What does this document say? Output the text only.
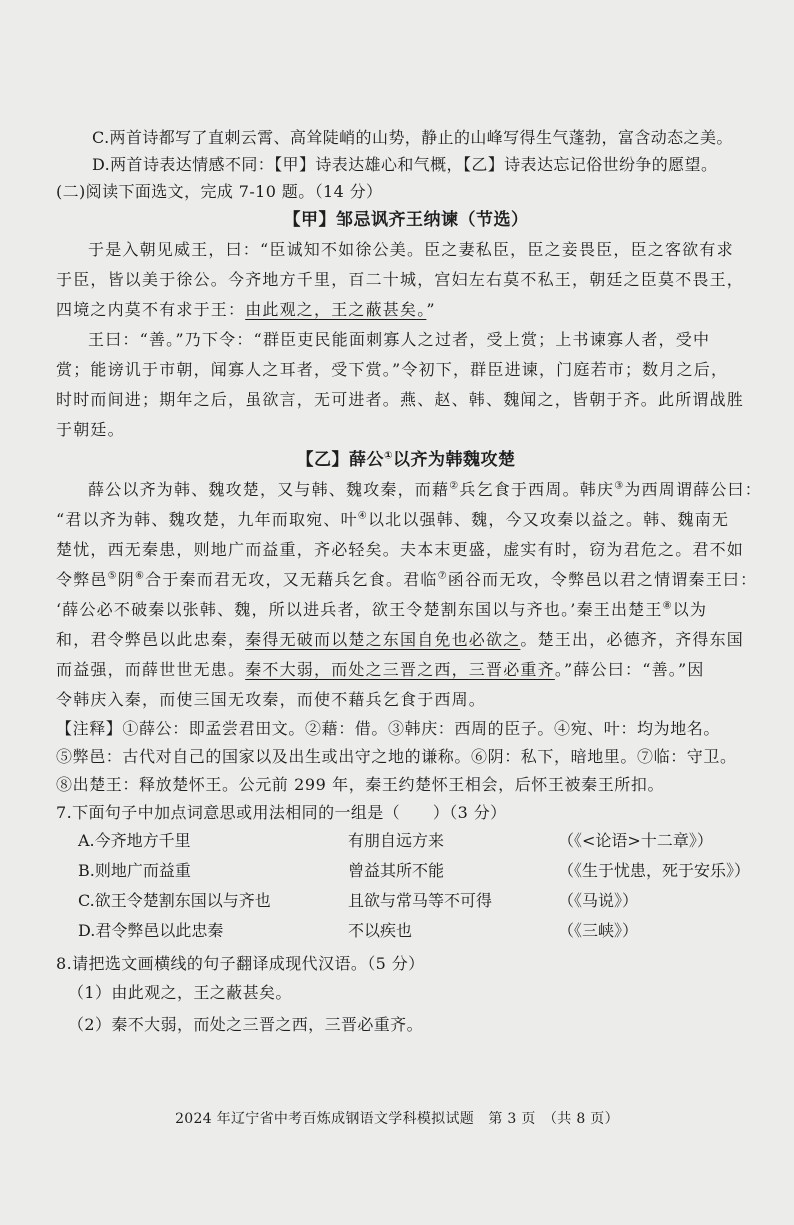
C.两首诗都写了直刺云霄、高耸陡峭的山势，静止的山峰写得生气蓬勃，富含动态之美。
D.两首诗表达情感不同：【甲】诗表达雄心和气概，【乙】诗表达忘记俗世纷争的愿望。
(二)阅读下面选文，完成 7-10 题。（14 分）
【甲】邹忌讽齐王纳谏（节选）
于是入朝见威王，曰：“臣诚知不如徐公美。臣之妻私臣，臣之妾畏臣，臣之客欲有求
于臣，皆以美于徐公。今齐地方千里，百二十城，宫妇左右莫不私王，朝廷之臣莫不畏王，
四境之内莫不有求于王：由此观之，王之蔽甚矣。”
王曰：“善。”乃下令：“群臣吏民能面刺寡人之过者，受上赏；上书谏寡人者，受中
赏；能谤讥于市朝，闻寡人之耳者，受下赏。”令初下，群臣进谏，门庭若市；数月之后，
时时而间进；期年之后，虽欲言，无可进者。燕、赵、韩、魏闻之，皆朝于齐。此所谓战胜
于朝廷。
【乙】薛公①以齐为韩魏攻楚
薛公以齐为韩、魏攻楚，又与韩、魏攻秦，而藉②兵乞食于西周。韩庆③为西周谓薛公曰：
“君以齐为韩、魏攻楚，九年而取宛、叶④以北以强韩、魏，今又攻秦以益之。韩、魏南无
楚忧，西无秦患，则地广而益重，齐必轻矣。夫本末更盛，虚实有时，窃为君危之。君不如
令弊邑⑤阴⑥合于秦而君无攻，又无藉兵乞食。君临⑦函谷而无攻，令弊邑以君之情谓秦王曰：
‘薛公必不破秦以张韩、魏，所以进兵者，欲王令楚割东国以与齐也。’秦王出楚王⑧以为
和，君令弊邑以此忠秦，秦得无破而以楚之东国自免也必欲之。楚王出，必德齐，齐得东国
而益强，而薛世世无患。秦不大弱，而处之三晋之西，三晋必重齐。”薛公曰：“善。”因
令韩庆入秦，而使三国无攻秦，而使不藉兵乞食于西周。
【注释】①薛公：即孟尝君田文。②藉：借。③韩庆：西周的臣子。④宛、叶：均为地名。
⑤弊邑：古代对自己的国家以及出生或出守之地的谦称。⑥阴：私下，暗地里。⑦临：守卫。
⑧出楚王：释放楚怀王。公元前 299 年，秦王约楚怀王相会，后怀王被秦王所扣。
7.下面句子中加点词意思或用法相同的一组是（　　）（3 分）
A.今齐地方千里	有朋自远方来	（《<论语>十二章》）
B.则地广而益重	曾益其所不能	（《生于忧患，死于安乐》）
C.欲王令楚割东国以与齐也	且欲与常马等不可得	（《马说》）
D.君令弊邑以此忠秦	不以疾也	（《三峡》）
8.请把选文画横线的句子翻译成现代汉语。（5 分）
（1）由此观之，王之蔽甚矣。
（2）秦不大弱，而处之三晋之西，三晋必重齐。
2024 年辽宁省中考百炼成钢语文学科模拟试题　第 3 页　（共 8 页）
